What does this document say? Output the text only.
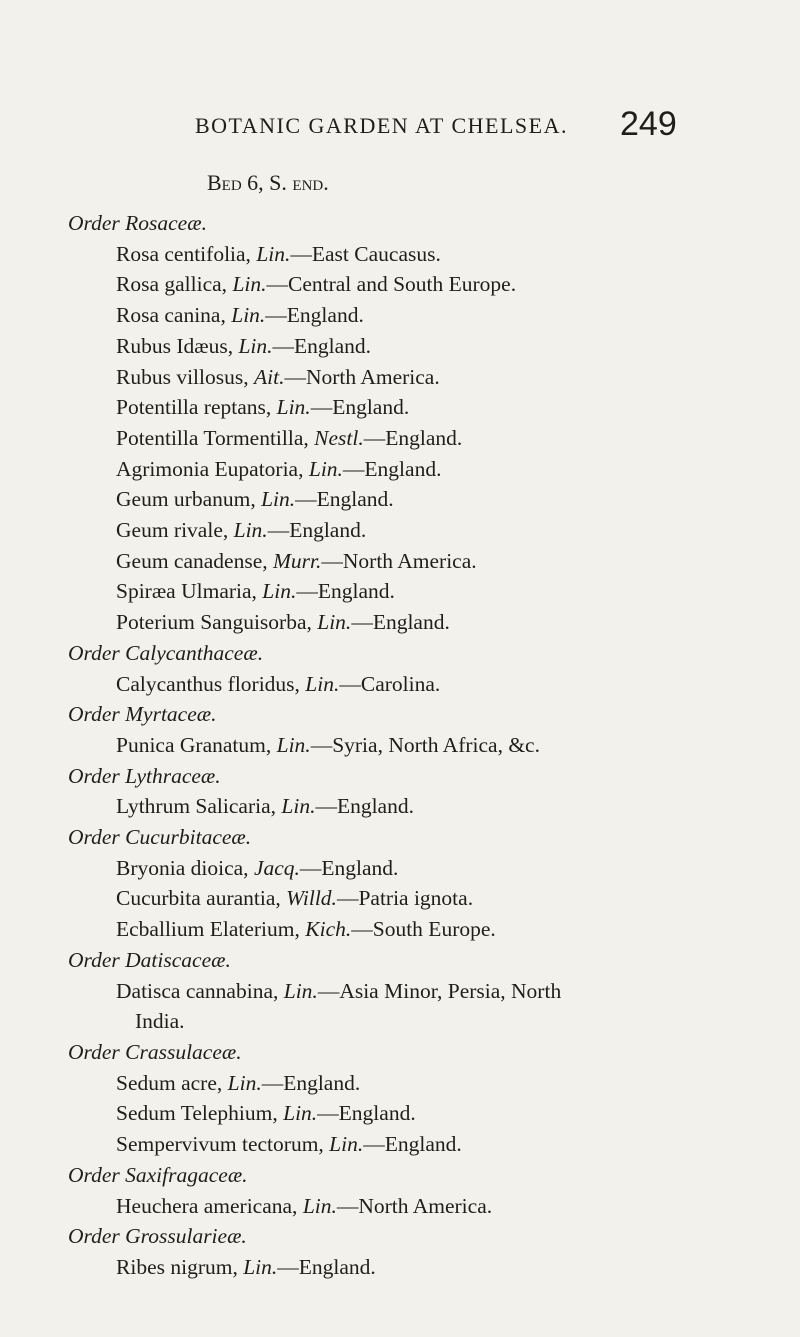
BOTANIC GARDEN AT CHELSEA. 249
Bed 6, S. end.
Order Rosaceæ.
Rosa centifolia, Lin.—East Caucasus.
Rosa gallica, Lin.—Central and South Europe.
Rosa canina, Lin.—England.
Rubus Idæus, Lin.—England.
Rubus villosus, Ait.—North America.
Potentilla reptans, Lin.—England.
Potentilla Tormentilla, Nestl.—England.
Agrimonia Eupatoria, Lin.—England.
Geum urbanum, Lin.—England.
Geum rivale, Lin.—England.
Geum canadense, Murr.—North America.
Spiræa Ulmaria, Lin.—England.
Poterium Sanguisorba, Lin.—England.
Order Calycanthaceæ.
Calycanthus floridus, Lin.—Carolina.
Order Myrtaceæ.
Punica Granatum, Lin.—Syria, North Africa, &c.
Order Lythraceæ.
Lythrum Salicaria, Lin.—England.
Order Cucurbitaceæ.
Bryonia dioica, Jacq.—England.
Cucurbita aurantia, Willd.—Patria ignota.
Ecballium Elaterium, Kich.—South Europe.
Order Datiscaceæ.
Datisca cannabina, Lin.—Asia Minor, Persia, North
India.
Order Crassulaceæ.
Sedum acre, Lin.—England.
Sedum Telephium, Lin.—England.
Sempervivum tectorum, Lin.—England.
Order Saxifragaceæ.
Heuchera americana, Lin.—North America.
Order Grossularieæ.
Ribes nigrum, Lin.—England.
